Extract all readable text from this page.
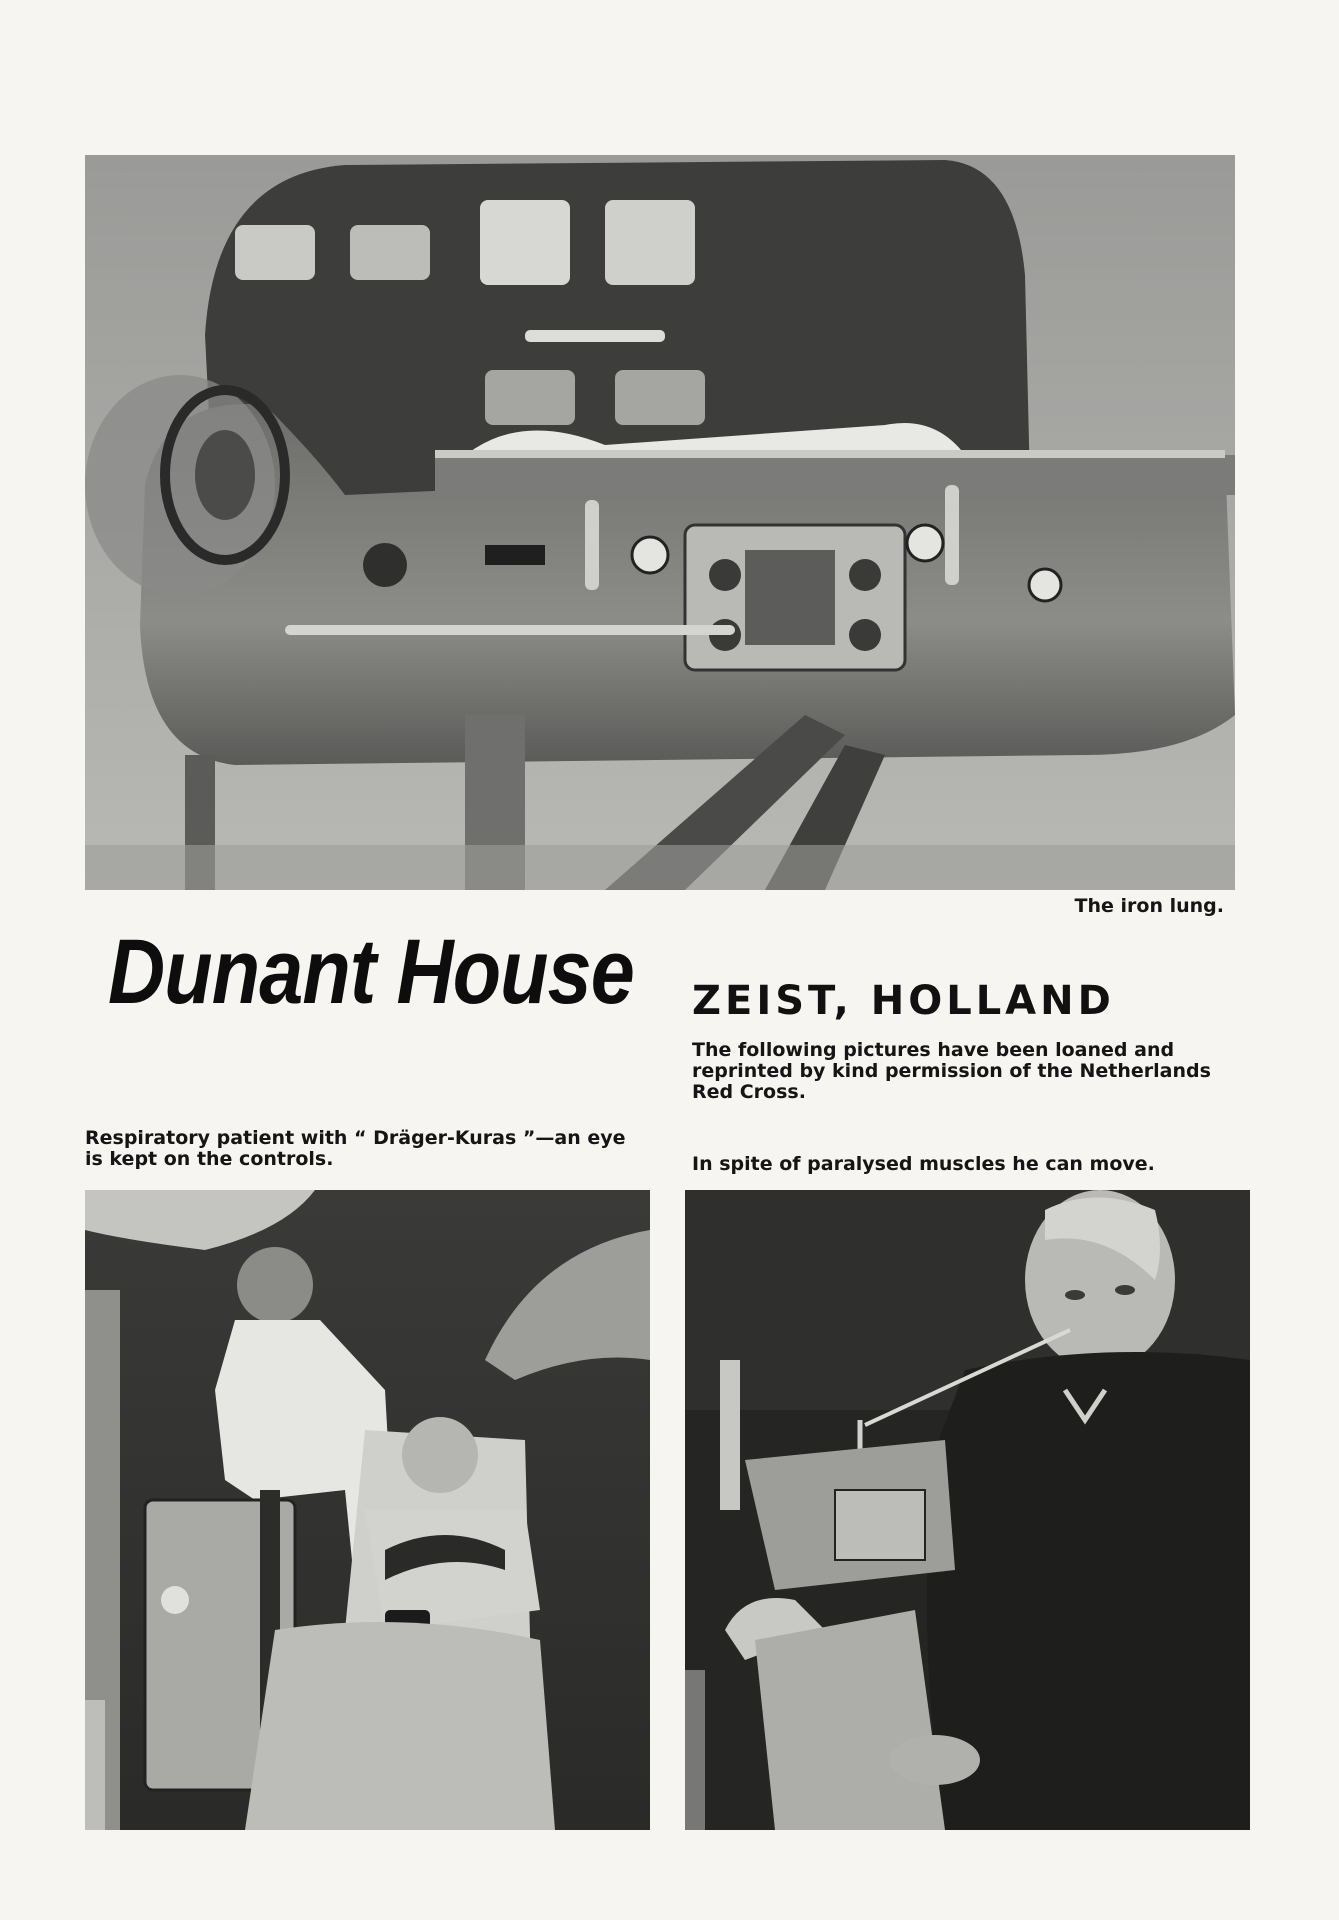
The iron lung.
Dunant House ZEIST, HOLLAND
The following pictures have been loaned and reprinted by kind permission of the Netherlands Red Cross.
Respiratory patient with “ Dräger-Kuras ”—an eye is kept on the controls.	In spite of paralysed muscles he can move.
